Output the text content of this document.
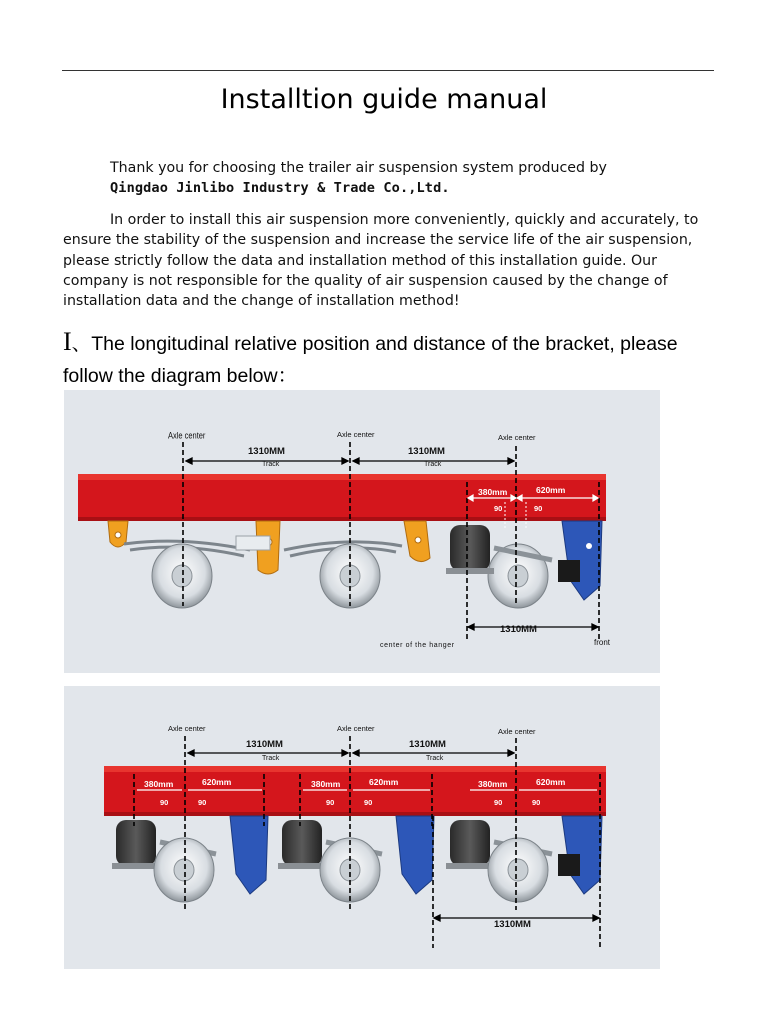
Installtion guide manual
Thank you for choosing the trailer air suspension system produced by
Qingdao Jinlibo Industry & Trade Co.,Ltd.
In order to install this air suspension more conveniently, quickly and accurately, to ensure the stability of the suspension and increase the service life of the air suspension, please strictly follow the data and installation method of this installation guide. Our company is not responsible for the quality of air suspension caused by the change of installation data and the change of installation method!
I、The longitudinal relative position and distance of the bracket, please follow the diagram below：
Axle center	Axle center	Axle center
1310MM
Track
1310MM
Track
380mm	620mm
90	90
1310MM
center of the hanger	front
Axle center	Axle center	Axle center
1310MM
Track
1310MM
Track
380mm	620mm
90	90
380mm	620mm
90	90
380mm	620mm
90	90
1310MM
